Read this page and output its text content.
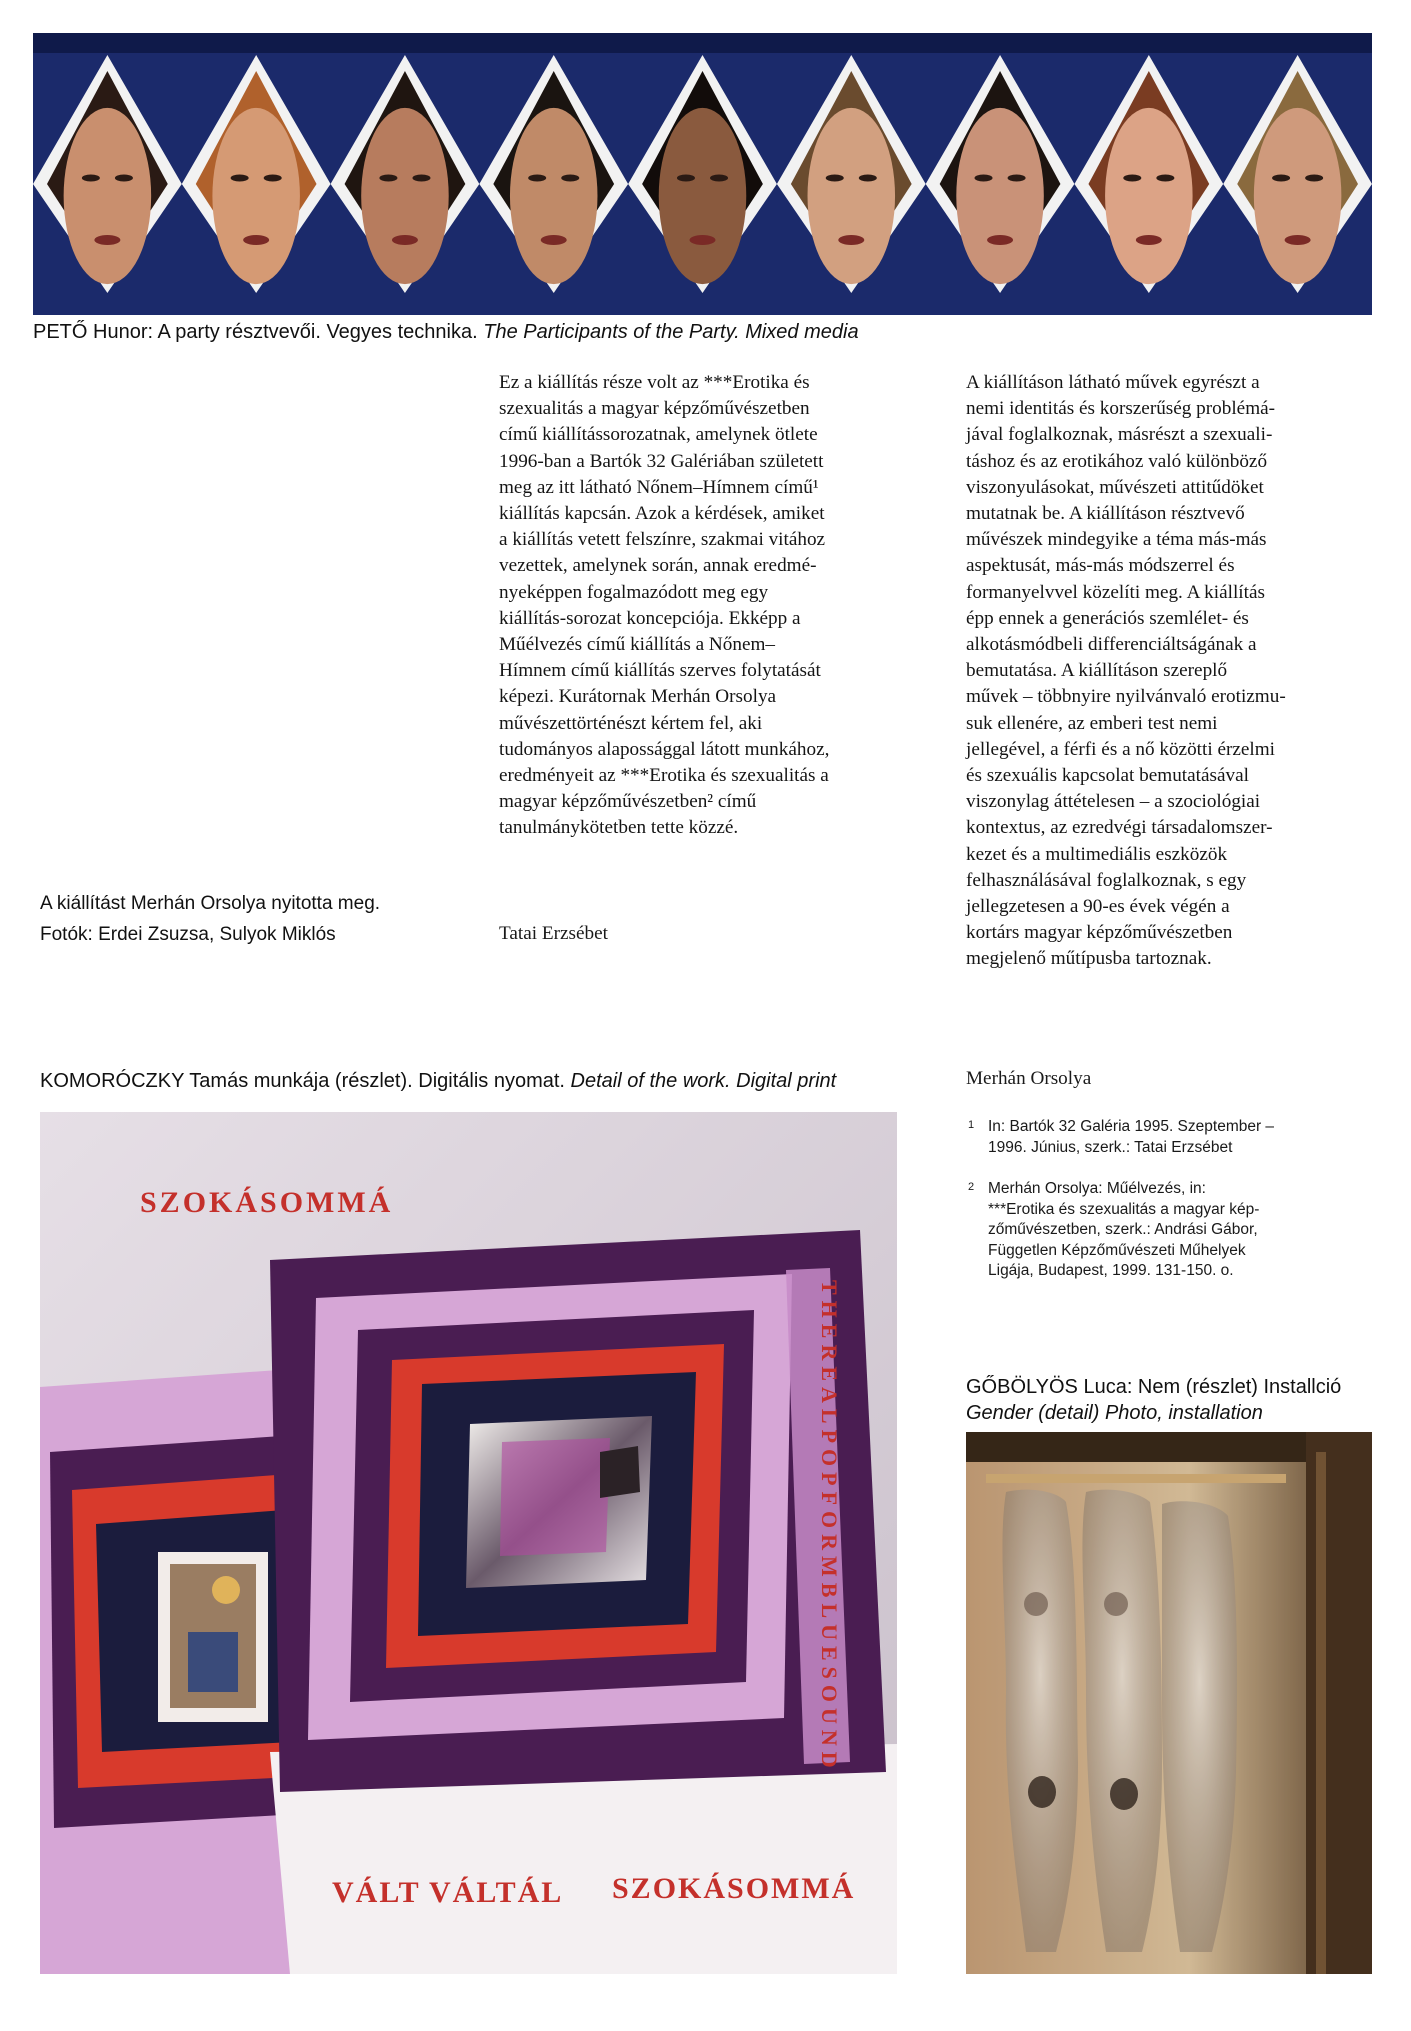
PETŐ Hunor: A party résztvevői. Vegyes technika. The Participants of the Party. Mixed media
A kiállítást Merhán Orsolya nyitotta meg.
Fotók: Erdei Zsuzsa, Sulyok Miklós

Ez a kiállítás része volt az ***Erotika és

szexualitás a magyar képzőművészetben

című kiállítássorozatnak, amelynek ötlete

1996-ban a Bartók 32 Galériában született

meg az itt látható Nőnem–Hímnem című¹

kiállítás kapcsán. Azok a kérdések, amiket

a kiállítás vetett felszínre, szakmai vitához

vezettek, amelynek során, annak eredmé-

nyeképpen fogalmazódott meg egy

kiállítás-sorozat koncepciója. Ekképp a

Műélvezés című kiállítás a Nőnem–

Hímnem című kiállítás szerves folytatását

képezi. Kurátornak Merhán Orsolya

művészettörténészt kértem fel, aki

tudományos alapossággal látott munkához,

eredményeit az ***Erotika és szexualitás a

magyar képzőművészetben² című

tanulmánykötetben tette közzé.

Tatai Erzsébet

A kiállításon látható művek egyrészt a

nemi identitás és korszerűség problémá-

jával foglalkoznak, másrészt a szexuali-

táshoz és az erotikához való különböző

viszonyulásokat, művészeti attitűdöket

mutatnak be. A kiállításon résztvevő

művészek mindegyike a téma más-más

aspektusát, más-más módszerrel és

formanyelvvel közelíti meg. A kiállítás

épp ennek a generációs szemlélet- és

alkotásmódbeli differenciáltságának a

bemutatása. A kiállításon szereplő

művek – többnyire nyilvánvaló erotizmu-

suk ellenére, az emberi test nemi

jellegével, a férfi és a nő közötti érzelmi

és szexuális kapcsolat bemutatásával

viszonylag áttételesen – a szociológiai

kontextus, az ezredvégi társadalomszer-

kezet és a multimediális eszközök

felhasználásával foglalkoznak, s egy

jellegzetesen a 90-es évek végén a

kortárs magyar képzőművészetben

megjelenő műtípusba tartoznak.

Merhán Orsolya
1 In: Bartók 32 Galéria 1995. Szeptember –
1996. Június, szerk.: Tatai Erzsébet
2 Merhán Orsolya: Műélvezés, in:
***Erotika és szexualitás a magyar kép-
zőművészetben, szerk.: Andrási Gábor,
Független Képzőművészeti Műhelyek
Ligája, Budapest, 1999. 131-150. o.
KOMORÓCZKY Tamás munkája (részlet). Digitális nyomat. Detail of the work. Digital print
THEREALPOPFORMBLUESOUND
SZOKÁSOMMÁ
VÁLT VÁLTÁL SZOKÁSOMMÁ
GŐBÖLYÖS Luca: Nem (részlet) Installció
Gender (detail) Photo, installation
